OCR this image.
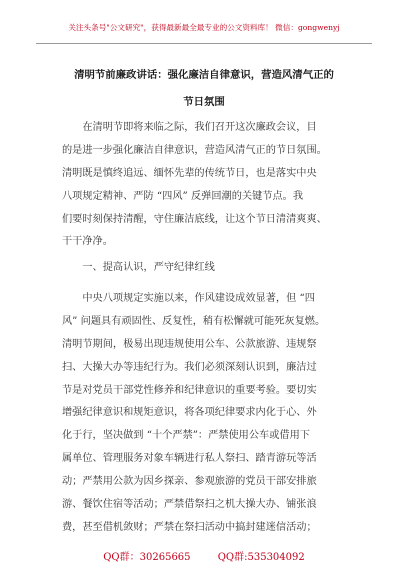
关注头条号"公文研究"，获得最新最全最专业的公文资料库！ 微信：gongwenyj
清明节前廉政讲话：强化廉洁自律意识，营造风清气正的
节日氛围
　　在清明节即将来临之际，我们召开这次廉政会议，目
的是进一步强化廉洁自律意识，营造风清气正的节日氛围。
清明既是慎终追远、缅怀先辈的传统节日，也是落实中央
八项规定精神、严防 “四风” 反弹回潮的关键节点。我
们要时刻保持清醒，守住廉洁底线，让这个节日清清爽爽、
干干净净。
　　一、提高认识，严守纪律红线
　　中央八项规定实施以来，作风建设成效显著，但 “四
风” 问题具有顽固性、反复性，稍有松懈就可能死灰复燃。
清明节期间，极易出现违规使用公车、公款旅游、违规祭
扫、大操大办等违纪行为。我们必须深刻认识到，廉洁过
节是对党员干部党性修养和纪律意识的重要考验。要切实
增强纪律意识和规矩意识，将各项纪律要求内化于心、外
化于行，坚决做到 “十个严禁”：严禁使用公车或借用下
属单位、管理服务对象车辆进行私人祭扫、踏青游玩等活
动；严禁用公款为因乡探亲、参观旅游的党员干部安排旅
游、餐饮住宿等活动；严禁借祭扫之机大操大办、铺张浪
费，甚至借机敛财；严禁在祭扫活动中搞封建迷信活动；
QQ群：30265665	QQ群:535304092
